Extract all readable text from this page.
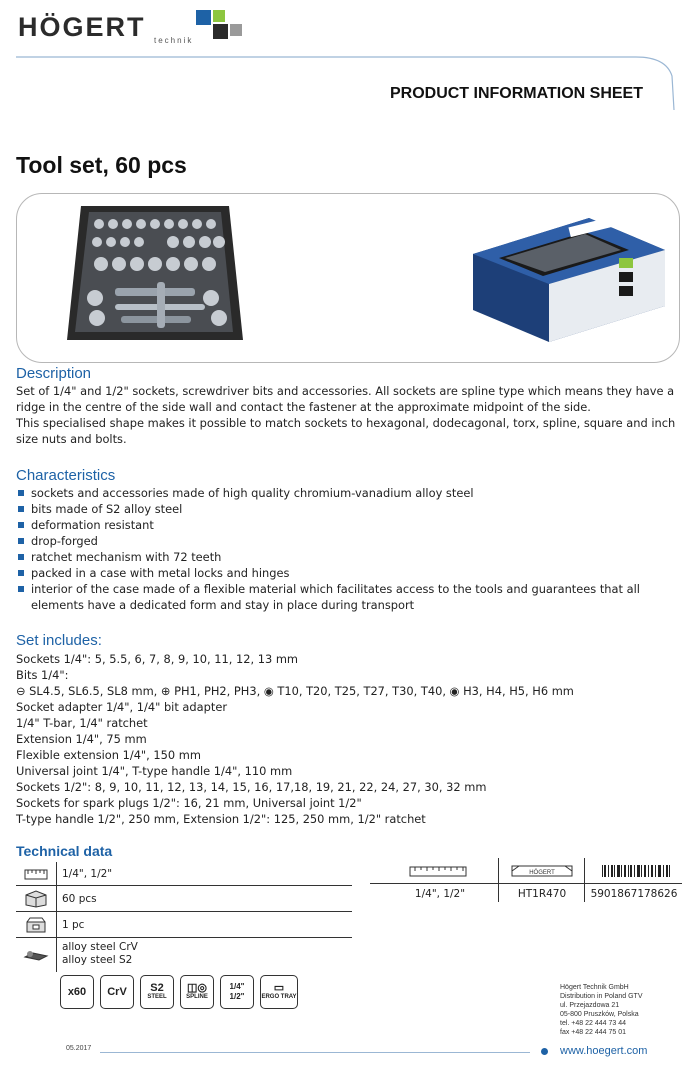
HÖGERT technik
PRODUCT INFORMATION SHEET
Tool set, 60 pcs
Description
Set of 1/4" and 1/2" sockets, screwdriver bits and accessories. All sockets are spline type which means they have a
ridge in the centre of the side wall and contact the fastener at the approximate midpoint of the side.
This specialised shape makes it possible to match sockets to hexagonal, dodecagonal, torx, spline, square and inch
size nuts and bolts.
Characteristics
sockets and accessories made of high quality chromium-vanadium alloy steel
bits made of S2 alloy steel
deformation resistant
drop-forged
ratchet mechanism with 72 teeth
packed in a case with metal locks and hinges
interior of the case made of a flexible material which facilitates access to the tools and guarantees that all
elements have a dedicated form and stay in place during transport
Set includes:
Sockets 1/4": 5, 5.5, 6, 7, 8, 9, 10, 11, 12, 13 mm
Bits 1/4":
⊖ SL4.5, SL6.5, SL8 mm, ⊕ PH1, PH2, PH3, ◉ T10, T20, T25, T27, T30, T40, ◉ H3, H4, H5, H6 mm
Socket adapter 1/4", 1/4" bit adapter
1/4" T-bar, 1/4" ratchet
Extension 1/4", 75 mm
Flexible extension 1/4", 150 mm
Universal joint 1/4", T-type handle 1/4", 110 mm
Sockets 1/2": 8, 9, 10, 11, 12, 13, 14, 15, 16, 17,18, 19, 21, 22, 24, 27, 30, 32 mm
Sockets for spark plugs 1/2": 16, 21 mm, Universal joint 1/2"
T-type handle 1/2", 250 mm, Extension 1/2": 125, 250 mm, 1/2" ratchet
Technical data
1/4", 1/2"
60 pcs
1 pc
alloy steel CrV
alloy steel S2
HÖGERT
1/4", 1/2"	HT1R470	5901867178626
x60 CrV S2
STEEL
◫◎
SPLINE
1/4"
1/2"
▭
ERGO TRAY
Högert Technik GmbH
Distribution in Poland GTV
ul. Przejazdowa 21
05-800 Pruszków, Polska
tel. +48 22 444 73 44
fax +48 22 444 75 01
05.2017	www.hoegert.com
